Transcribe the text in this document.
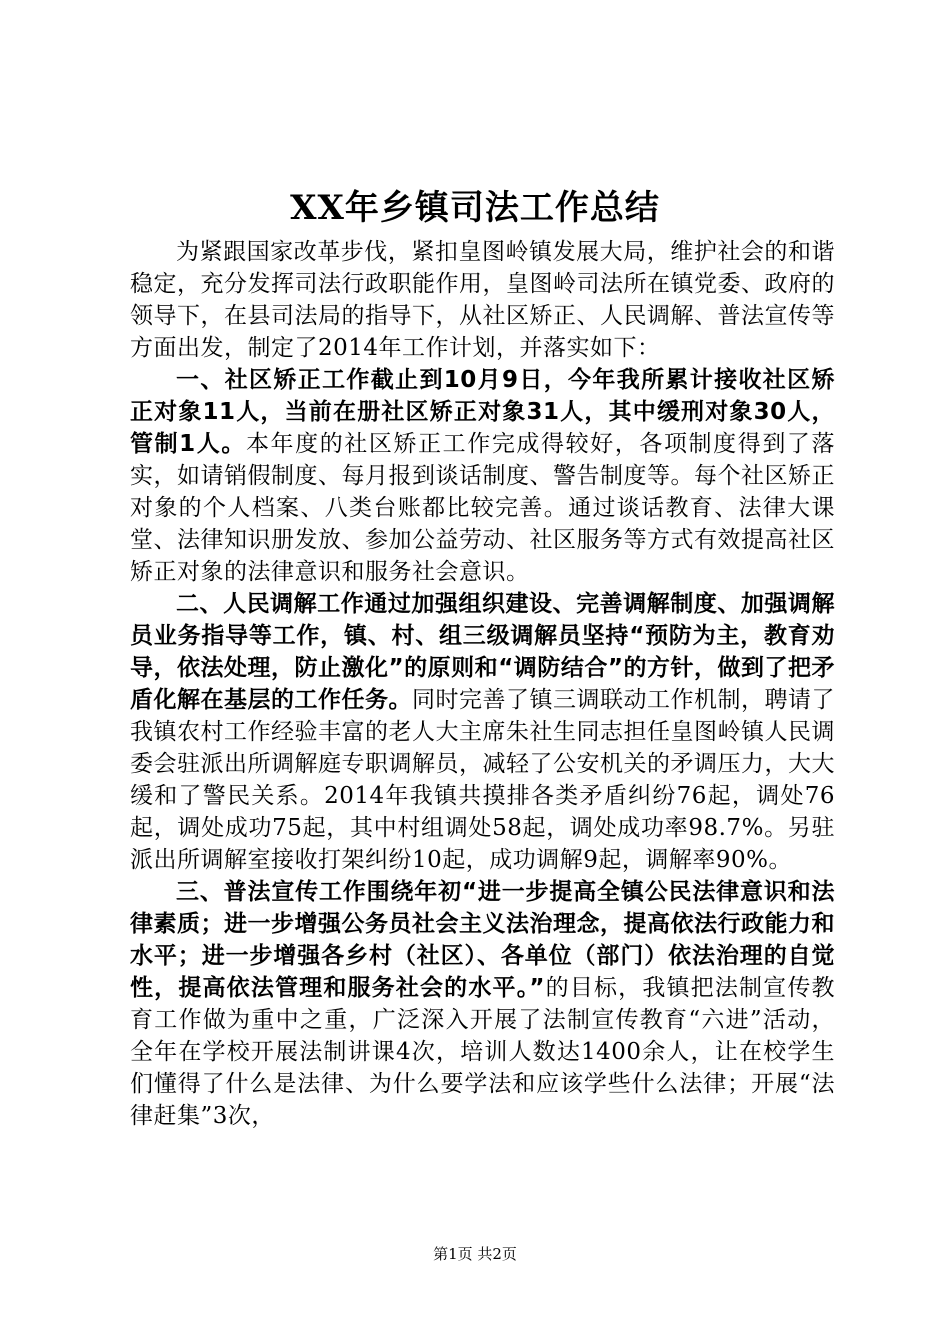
XX年乡镇司法工作总结

为紧跟国家改革步伐，紧扣皇图岭镇发展大局，维护社会的和谐稳定，充分发挥司法行政职能作用，皇图岭司法所在镇党委、政府的领导下，在县司法局的指导下，从社区矫正、人民调解、普法宣传等方面出发，制定了2014年工作计划，并落实如下：

一、社区矫正工作截止到10月9日，今年我所累计接收社区矫正对象11人，当前在册社区矫正对象31人，其中缓刑对象30人，管制1人。本年度的社区矫正工作完成得较好，各项制度得到了落实，如请销假制度、每月报到谈话制度、警告制度等。每个社区矫正对象的个人档案、八类台账都比较完善。通过谈话教育、法律大课堂、法律知识册发放、参加公益劳动、社区服务等方式有效提高社区矫正对象的法律意识和服务社会意识。

二、人民调解工作通过加强组织建设、完善调解制度、加强调解员业务指导等工作，镇、村、组三级调解员坚持“预防为主，教育劝导，依法处理，防止激化”的原则和“调防结合”的方针，做到了把矛盾化解在基层的工作任务。同时完善了镇三调联动工作机制，聘请了我镇农村工作经验丰富的老人大主席朱社生同志担任皇图岭镇人民调委会驻派出所调解庭专职调解员，减轻了公安机关的矛调压力，大大缓和了警民关系。2014年我镇共摸排各类矛盾纠纷76起，调处76起，调处成功75起，其中村组调处58起，调处成功率98.7%。另驻派出所调解室接收打架纠纷10起，成功调解9起，调解率90%。

三、普法宣传工作围绕年初“进一步提高全镇公民法律意识和法律素质；进一步增强公务员社会主义法治理念，提高依法行政能力和水平；进一步增强各乡村（社区）、各单位（部门）依法治理的自觉性，提高依法管理和服务社会的水平。”的目标，我镇把法制宣传教育工作做为重中之重，广泛深入开展了法制宣传教育“六进”活动，全年在学校开展法制讲课4次，培训人数达1400余人，让在校学生们懂得了什么是法律、为什么要学法和应该学些什么法律；开展“法律赶集”3次，

第1页 共2页
